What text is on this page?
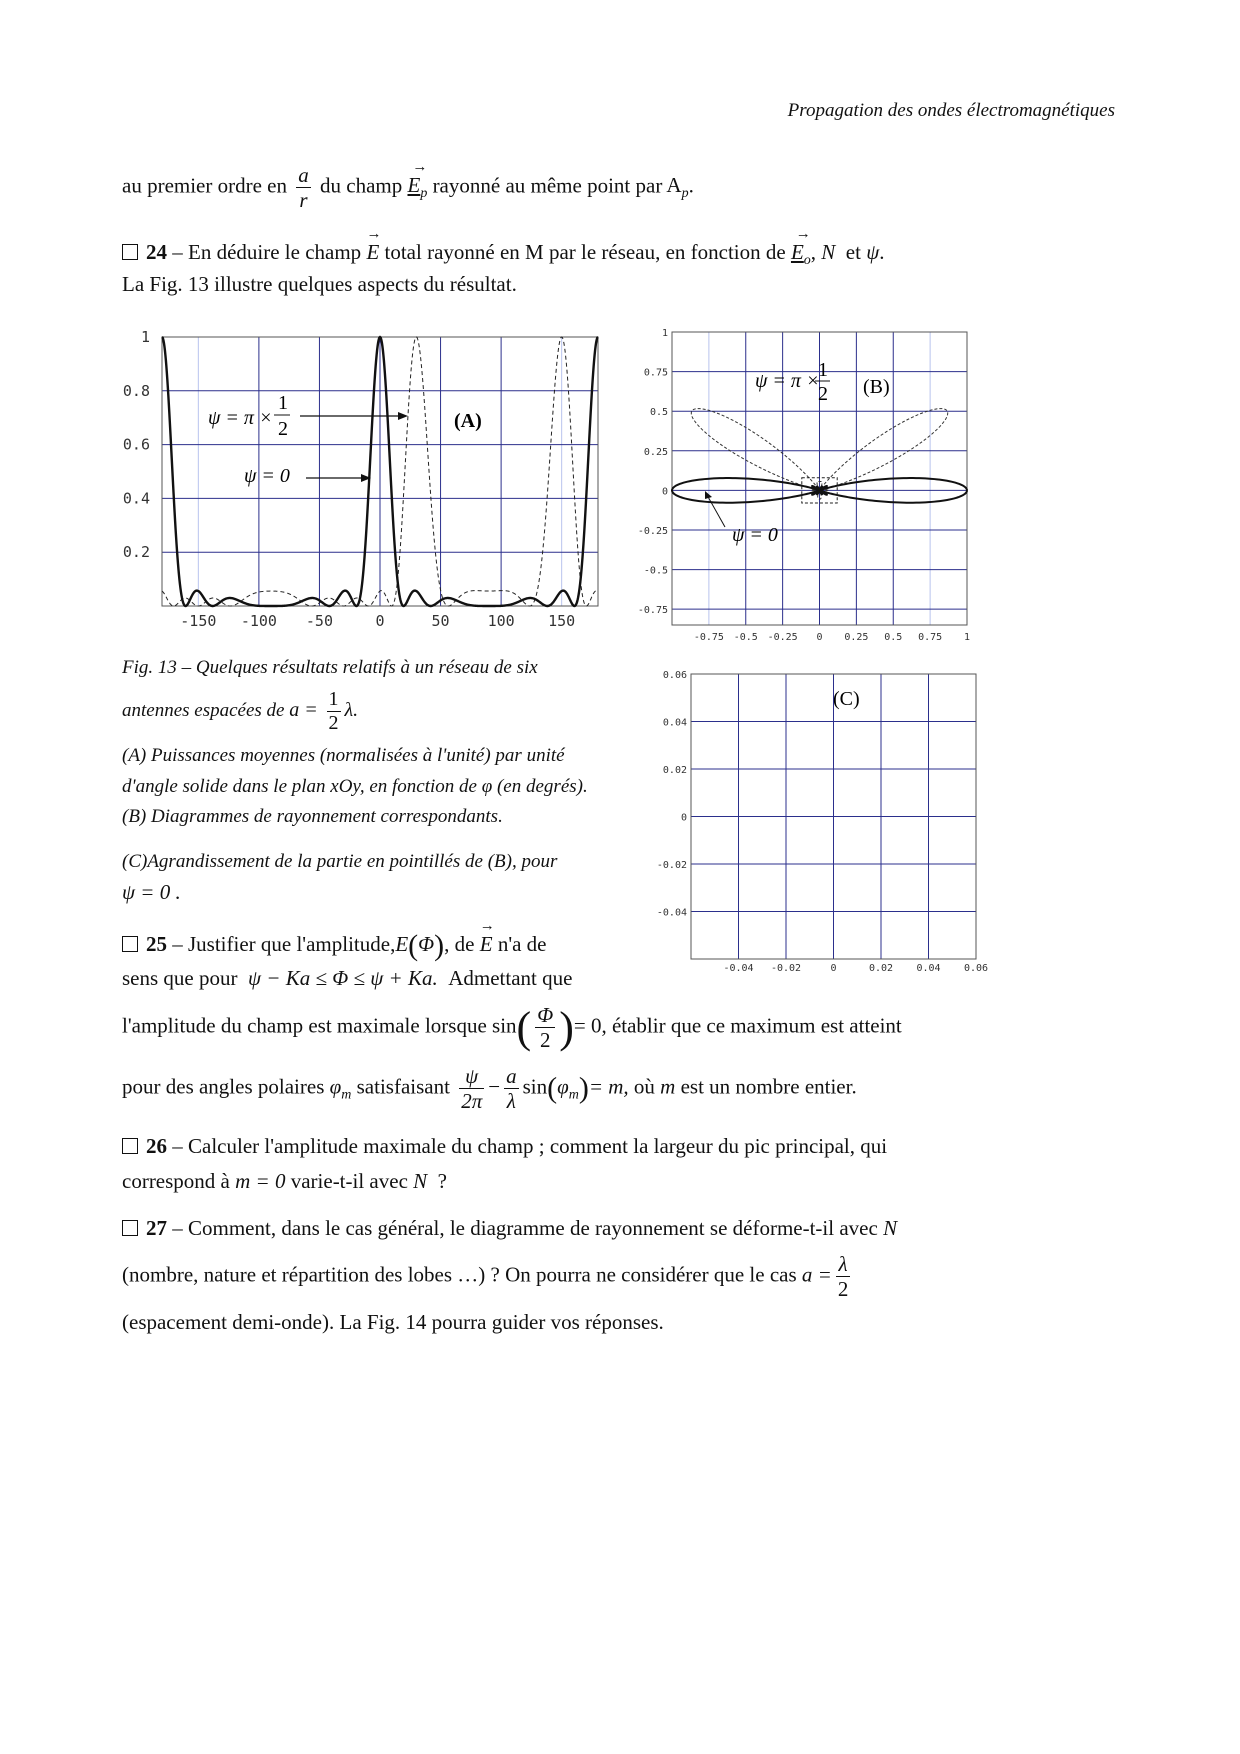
Propagation des ondes électromagnétiques
au premier ordre en $\frac{a}{r}$ du champ → $E_p$ rayonné au même point par $A_p$.
24 – En déduire le champ → E total rayonné en M par le réseau, en fonction de → $E_o$, N et ψ.
La Fig. 13 illustre quelques aspects du résultat.
-150 -100 -50	0	50	100 150
1
0.8
0.6
0.4
0.2
(A)
ψ = π ×
1
2
ψ = 0
-0.75 -0.5 -0.25 0 0.25 0.5 0.75 1
1
0.75
0.5
0.25
0
-0.25
-0.5
-0.75
ψ = π ×
1
2 (B)
ψ = 0
-0.04 -0.02	0	0.02 0.04 0.06
0.06
0.04
0.02
0
-0.02
-0.04
(C)
Fig. 13 – Quelques résultats relatifs à un réseau de six
antennes espacées de $a = \frac{1}{2} \lambda$.
(A) Puissances moyennes (normalisées à l'unité) par unité
d'angle solide dans le plan xOy, en fonction de φ (en degrés).
(B) Diagrammes de rayonnement correspondants.
(C)Agrandissement de la partie en pointillés de (B), pour
ψ = 0 .
25 – Justifier que l'amplitude,E(Φ), de → E n'a de
sens que pour ψ − Ka ≤ Φ ≤ ψ + Ka. Admettant que
l'amplitude du champ est maximale lorsque $\sin( \frac{\Phi}{2}$ )= 0, établir que ce maximum est atteint
pour des angles polaires $\varphi_m$ satisfaisant $\frac{\psi}{2\pi} - \frac{a}{\lambda} \sin(\varphi_m)= m$, où m est un nombre entier.
26 – Calculer l'amplitude maximale du champ ; comment la largeur du pic principal, qui
correspond à m = 0 varie-t-il avec N ?
27 – Comment, dans le cas général, le diagramme de rayonnement se déforme-t-il avec N
(nombre, nature et répartition des lobes …) ? On pourra ne considérer que le cas $a = \frac{\lambda}{2}$
(espacement demi-onde). La Fig. 14 pourra guider vos réponses.
